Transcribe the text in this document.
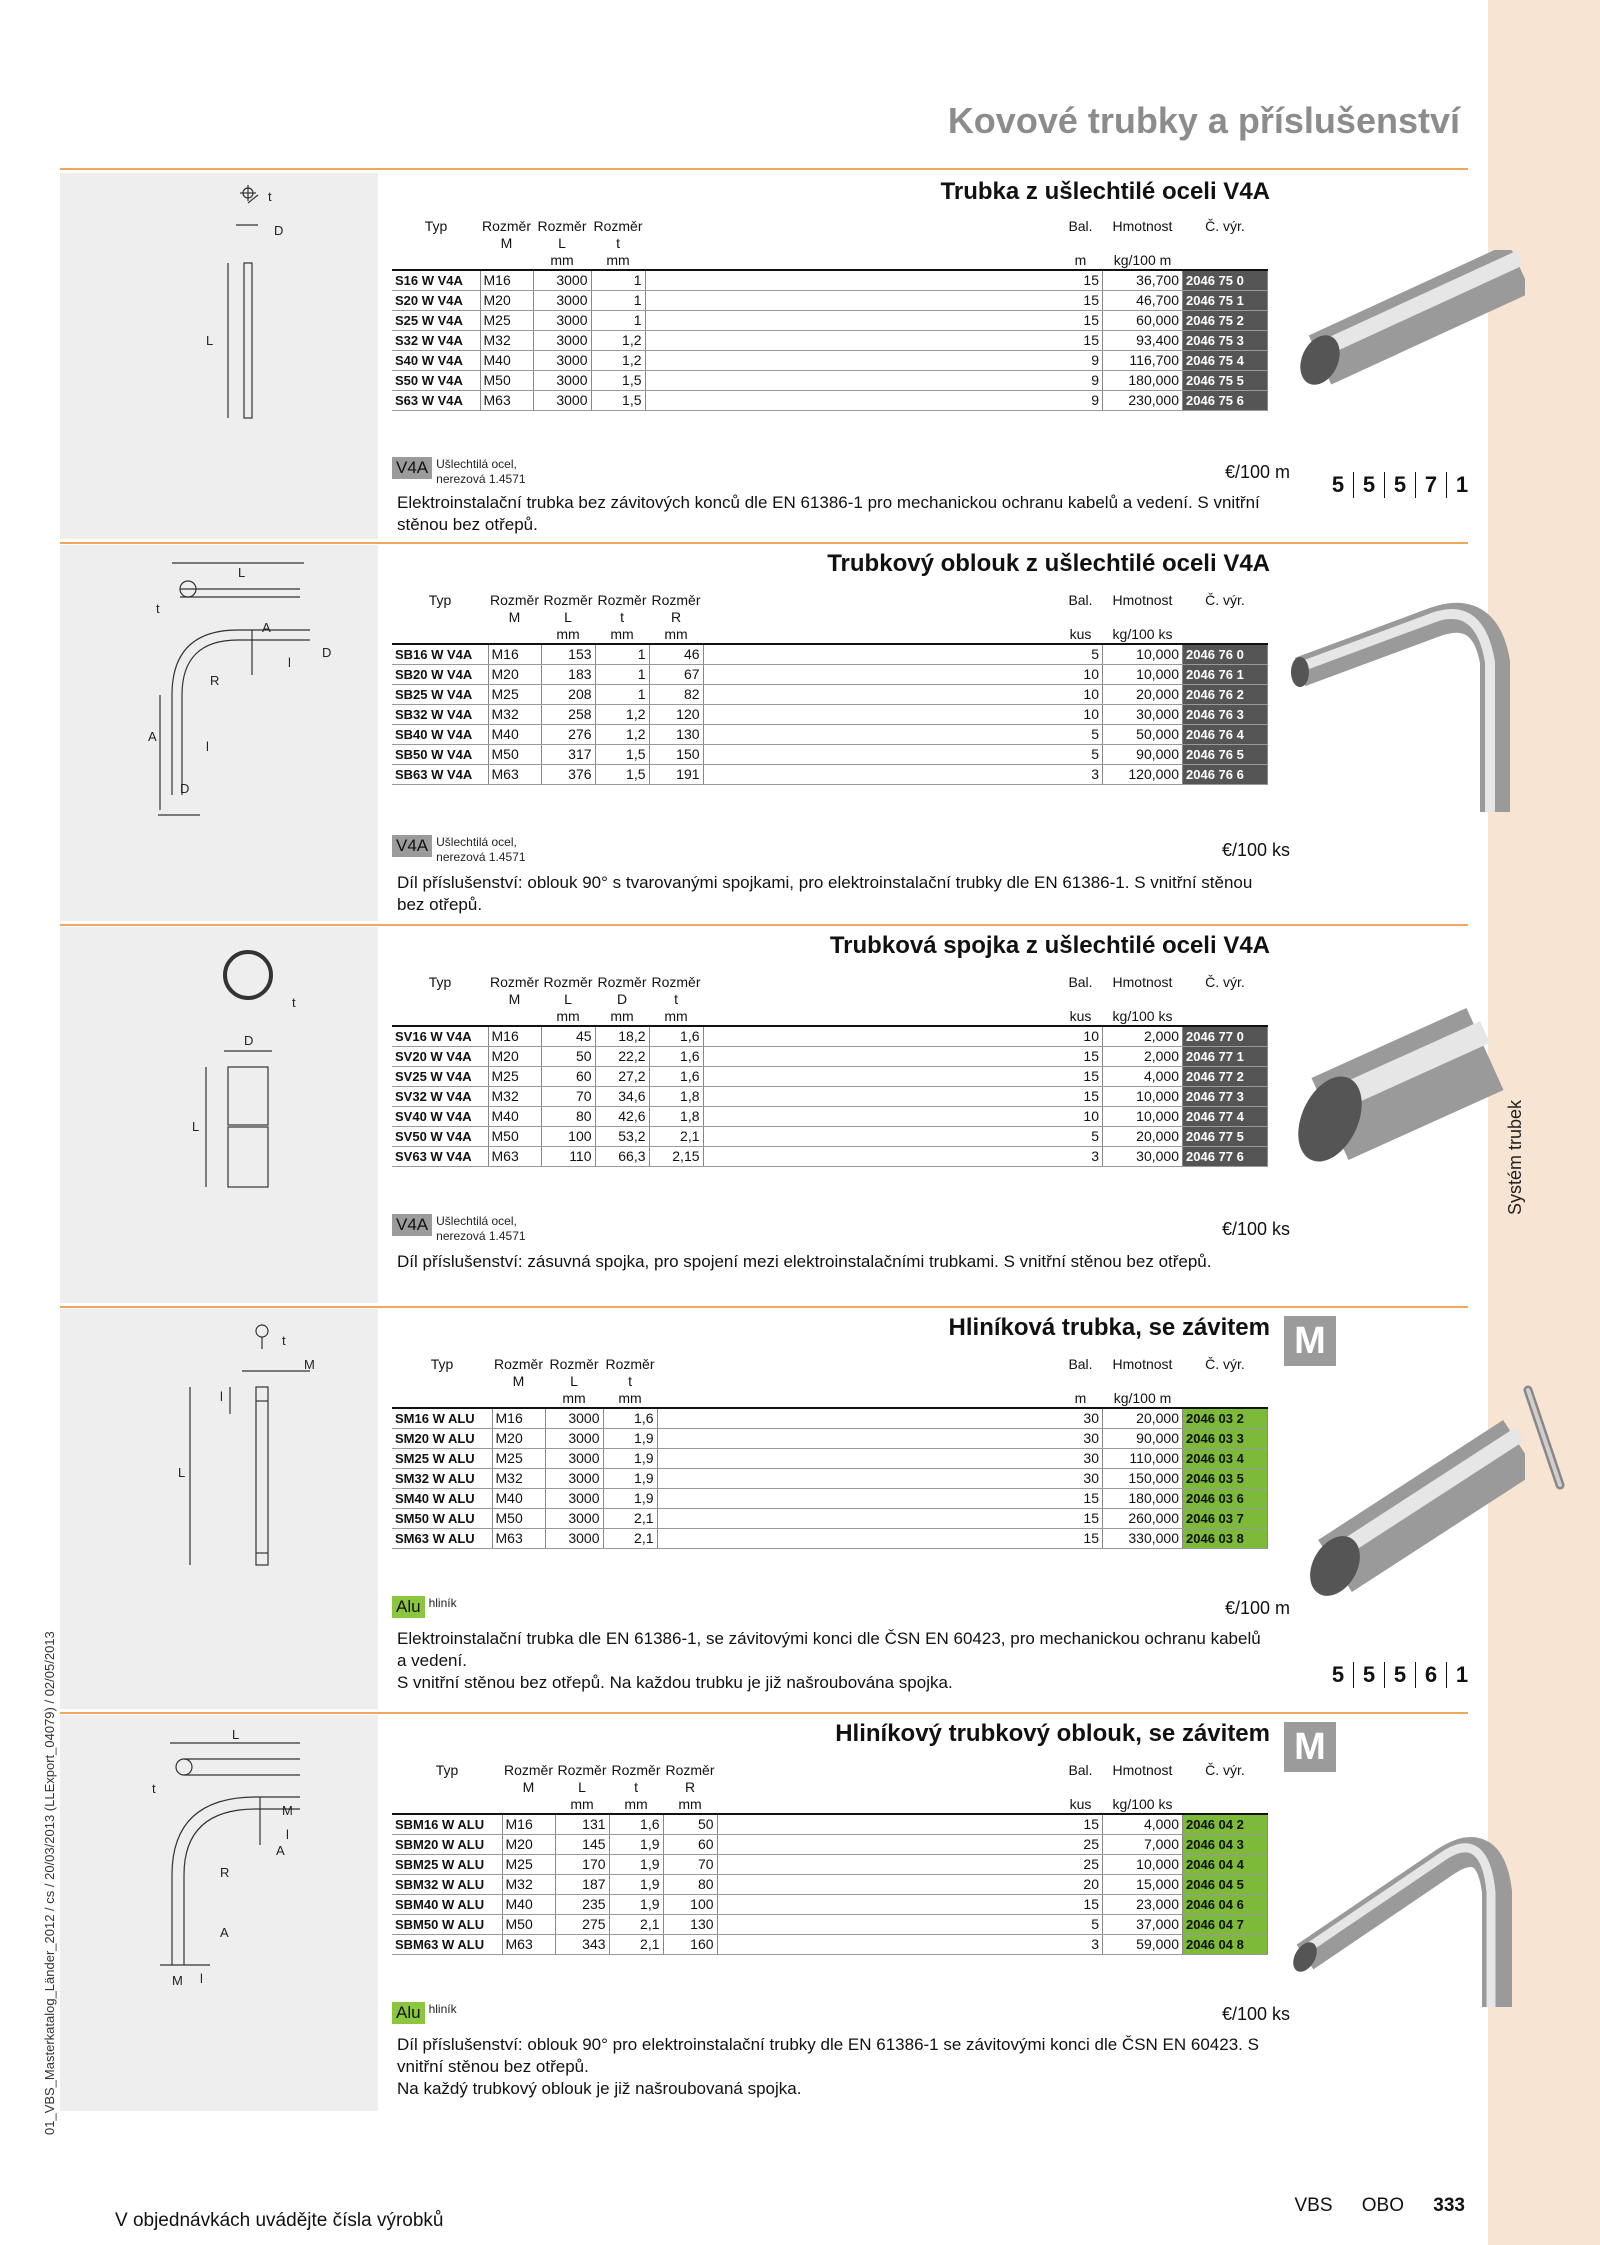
Systém trubek
01_VBS_Masterkatalog_Länder_2012 / cs / 20/03/2013 (LLExport_04079) / 02/05/2013
Kovové trubky a příslušenství
t
D
L
Trubka z ušlechtilé oceli V4A
Typ	Rozměr M	Rozměr L	Rozměr t		Bal.	Hmotnost	Č. výr.
		mm	mm		m	kg/100 m	
S16 W V4A	M16	3000	1		15	36,700	2046 75 0
S20 W V4A	M20	3000	1		15	46,700	2046 75 1
S25 W V4A	M25	3000	1		15	60,000	2046 75 2
S32 W V4A	M32	3000	1,2		15	93,400	2046 75 3
S40 W V4A	M40	3000	1,2		9	116,700	2046 75 4
S50 W V4A	M50	3000	1,5		9	180,000	2046 75 5
S63 W V4A	M63	3000	1,5		9	230,000	2046 75 6
V4A Ušlechtilá ocel,
nerezová 1.4571	€/100 m
Elektroinstalační trubka bez závitových konců dle EN 61386-1 pro mechanickou ochranu kabelů a vedení. S vnitřní stěnou bez otřepů.
5 5 5 7 1
L
t
A
D
l
R
A
l
D
Trubkový oblouk z ušlechtilé oceli V4A
Typ	Rozměr M	Rozměr L	Rozměr t	Rozměr R		Bal.	Hmotnost	Č. výr.
		mm	mm	mm		kus	kg/100 ks	
SB16 W V4A	M16	153	1	46		5	10,000	2046 76 0
SB20 W V4A	M20	183	1	67		10	10,000	2046 76 1
SB25 W V4A	M25	208	1	82		10	20,000	2046 76 2
SB32 W V4A	M32	258	1,2	120		10	30,000	2046 76 3
SB40 W V4A	M40	276	1,2	130		5	50,000	2046 76 4
SB50 W V4A	M50	317	1,5	150		5	90,000	2046 76 5
SB63 W V4A	M63	376	1,5	191		3	120,000	2046 76 6
V4A Ušlechtilá ocel,
nerezová 1.4571	€/100 ks
Díl příslušenství: oblouk 90° s tvarovanými spojkami, pro elektroinstalační trubky dle EN 61386-1. S vnitřní stěnou bez otřepů.
t
D
L
Trubková spojka z ušlechtilé oceli V4A
Typ	Rozměr M	Rozměr L	Rozměr D	Rozměr t		Bal.	Hmotnost	Č. výr.
		mm	mm	mm		kus	kg/100 ks	
SV16 W V4A	M16	45	18,2	1,6		10	2,000	2046 77 0
SV20 W V4A	M20	50	22,2	1,6		15	2,000	2046 77 1
SV25 W V4A	M25	60	27,2	1,6		15	4,000	2046 77 2
SV32 W V4A	M32	70	34,6	1,8		15	10,000	2046 77 3
SV40 W V4A	M40	80	42,6	1,8		10	10,000	2046 77 4
SV50 W V4A	M50	100	53,2	2,1		5	20,000	2046 77 5
SV63 W V4A	M63	110	66,3	2,15		3	30,000	2046 77 6
V4A Ušlechtilá ocel,
nerezová 1.4571	€/100 ks
Díl příslušenství: zásuvná spojka, pro spojení mezi elektroinstalačními trubkami. S vnitřní stěnou bez otřepů.
t
M
l
L
Hliníková trubka, se závitem M
Typ	Rozměr M	Rozměr L	Rozměr t		Bal.	Hmotnost	Č. výr.
		mm	mm		m	kg/100 m	
SM16 W ALU	M16	3000	1,6		30	20,000	2046 03 2
SM20 W ALU	M20	3000	1,9		30	90,000	2046 03 3
SM25 W ALU	M25	3000	1,9		30	110,000	2046 03 4
SM32 W ALU	M32	3000	1,9		30	150,000	2046 03 5
SM40 W ALU	M40	3000	1,9		15	180,000	2046 03 6
SM50 W ALU	M50	3000	2,1		15	260,000	2046 03 7
SM63 W ALU	M63	3000	2,1		15	330,000	2046 03 8
Alu hliník	€/100 m
Elektroinstalační trubka dle EN 61386-1, se závitovými konci dle ČSN EN 60423, pro mechanickou ochranu kabelů a vedení.
S vnitřní stěnou bez otřepů. Na každou trubku je již našroubována spojka.	5 5 5 6 1
L
t
M
l
A
R
A
M l
Hliníkový trubkový oblouk, se závitem M
Typ	Rozměr M	Rozměr L	Rozměr t	Rozměr R		Bal.	Hmotnost	Č. výr.
		mm	mm	mm		kus	kg/100 ks	
SBM16 W ALU	M16	131	1,6	50		15	4,000	2046 04 2
SBM20 W ALU	M20	145	1,9	60		25	7,000	2046 04 3
SBM25 W ALU	M25	170	1,9	70		25	10,000	2046 04 4
SBM32 W ALU	M32	187	1,9	80		20	15,000	2046 04 5
SBM40 W ALU	M40	235	1,9	100		15	23,000	2046 04 6
SBM50 W ALU	M50	275	2,1	130		5	37,000	2046 04 7
SBM63 W ALU	M63	343	2,1	160		3	59,000	2046 04 8
Alu hliník	€/100 ks
Díl příslušenství: oblouk 90° pro elektroinstalační trubky dle EN 61386-1 se závitovými konci dle ČSN EN 60423. S vnitřní stěnou bez otřepů.
Na každý trubkový oblouk je již našroubovaná spojka.
V objednávkách uvádějte čísla výrobků
VBS OBO 333
